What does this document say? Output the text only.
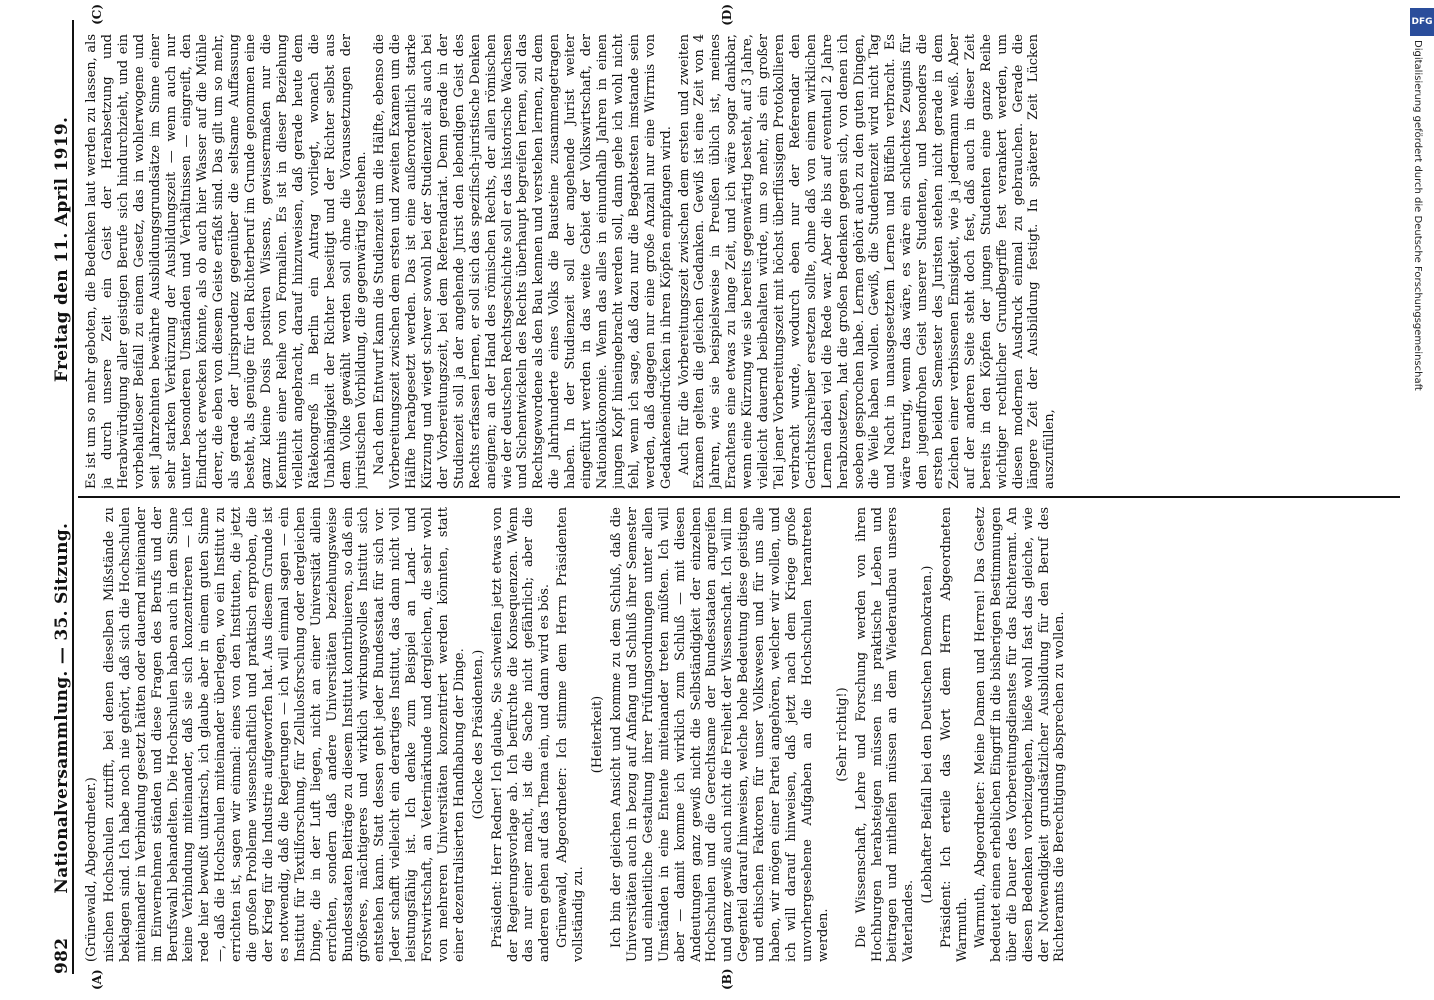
982
Nationalversammlung. — 35. Sitzung.
Freitag den 11. April 1919.
(A)	(B)
(C)	(D)

(Grünewald, Abgeordneter.) nischen Hochschulen zutrifft, bei denen dieselben Mißstände zu beklagen sind. Ich habe noch nie gehört, daß sich die Hochschulen miteinander in Verbindung gesetzt hätten oder dauernd miteinander im Einvernehmen ständen und diese Fragen des Berufs und der Berufswahl behandelten. Die Hochschulen haben auch in dem Sinne keine Verbindung miteinander, daß sie sich konzentrieren — ich rede hier bewußt unitarisch, ich glaube aber in einem guten Sinne —, daß die Hochschulen miteinander überlegen, wo ein Institut zu errichten ist, sagen wir einmal: eines von den Instituten, die jetzt die großen Probleme wissenschaftlich und praktisch erproben, die der Krieg für die Industrie aufgeworfen hat. Aus diesem Grunde ist es notwendig, daß die Regierungen — ich will einmal sagen — ein Institut für Textilforschung, für Zellulosforschung oder dergleichen Dinge, die in der Luft liegen, nicht an einer Universität allein errichten, sondern daß andere Universitäten beziehungsweise Bundesstaaten Beiträge zu diesem Institut kontribuieren, so daß ein größeres, mächtigeres und wirklich wirkungsvolles Institut sich entstehen kann. Statt dessen geht jeder Bundesstaat für sich vor. Jeder schafft vielleicht ein derartiges Institut, das dann nicht voll leistungsfähig ist. Ich denke zum Beispiel an Land- und Forstwirtschaft, an Veterinärkunde und dergleichen, die sehr wohl von mehreren Universitäten konzentriert werden könnten, statt einer dezentralisierten Handhabung der Dinge. (Glocke des Präsidenten.) Präsident: Herr Redner! Ich glaube, Sie schweifen jetzt etwas von der Regierungsvorlage ab. Ich befürchte die Konsequenzen. Wenn das nur einer macht, ist die Sache nicht gefährlich; aber die anderen gehen auf das Thema ein, und dann wird es bös. Grünewald, Abgeordneter: Ich stimme dem Herrn Präsidenten vollständig zu.

(Heiterkeit) Ich bin der gleichen Ansicht und komme zu dem Schluß, daß die Universitäten auch in bezug auf Anfang und Schluß ihrer Semester und einheitliche Gestaltung ihrer Prüfungsordnungen unter allen Umständen in eine Entente miteinander treten müßten. Ich will aber — damit komme ich wirklich zum Schluß — mit diesen Andeutungen ganz gewiß nicht die Selbständigkeit der einzelnen Hochschulen und die Gerechtsame der Bundesstaaten angreifen und ganz gewiß auch nicht die Freiheit der Wissenschaft. Ich will im Gegenteil darauf hinweisen, welche hohe Bedeutung diese geistigen und ethischen Faktoren für unser Volkswesen und für uns alle haben, wir mögen einer Partei angehören, welcher wir wollen, und ich will darauf hinweisen, daß jetzt nach dem Kriege große unvorhergesehene Aufgaben an die Hochschulen herantreten werden.

(Sehr richtig!) Die Wissenschaft, Lehre und Forschung werden von ihren Hochburgen herabsteigen müssen ins praktische Leben und beitragen und mithelfen müssen an dem Wiederaufbau unseres Vaterlandes.

(Lebhafter Beifall bei den Deutschen Demokraten.) Präsident: Ich erteile das Wort dem Herrn Abgeordneten Warmuth. Warmuth, Abgeordneter: Meine Damen und Herren! Das Gesetz bedeutet einen erheblichen Eingriff in die bisherigen Bestimmungen über die Dauer des Vorbereitungsdienstes für das Richteramt. An diesen Bedenken vorbeizugehen, hieße wohl fast das gleiche, wie der Notwendigkeit grundsätzlicher Ausbildung für den Beruf des Richteramts die Berechtigung absprechen zu wollen.

Es ist um so mehr geboten, die Bedenken laut werden zu lassen, als ja durch unsere Zeit ein Geist der Herabsetzung und Herabwürdigung aller geistigen Berufe sich hindurchzieht, und ein vorbehaltloser Beifall zu einem Gesetz, das in wohlerwogene und seit Jahrzehnten bewährte Ausbildungsgrundsätze im Sinne einer sehr starken Verkürzung der Ausbildungszeit — wenn auch nur unter besonderen Umständen und Verhältnissen — eingreift, den Eindruck erwecken könnte, als ob auch hier Wasser auf die Mühle derer, die eben von diesem Geiste erfaßt sind. Das gilt um so mehr, als gerade der Jurisprudenz gegenüber die seltsame Auffassung besteht, als genüge für den Richterberuf im Grunde genommen eine ganz kleine Dosis positiven Wissens, gewissermaßen nur die Kenntnis einer Reihe von Formalien. Es ist in dieser Beziehung vielleicht angebracht, darauf hinzuweisen, daß gerade heute dem Rätekongreß in Berlin ein Antrag vorliegt, wonach die Unabhängigkeit der Richter beseitigt und der Richter selbst aus dem Volke gewählt werden soll ohne die Voraussetzungen der juristischen Vorbildung, die gegenwärtig bestehen. Nach dem Entwurf kann die Studienzeit um die Hälfte, ebenso die Vorbereitungszeit zwischen dem ersten und zweiten Examen um die Hälfte herabgesetzt werden. Das ist eine außerordentlich starke Kürzung und wiegt schwer sowohl bei der Studienzeit als auch bei der Vorbereitungszeit, bei dem Referendariat. Denn gerade in der Studienzeit soll ja der angehende Jurist den lebendigen Geist des Rechts erfassen lernen, er soll sich das spezifisch-juristische Denken aneignen; an der Hand des römischen Rechts, der allen römischen wie der deutschen Rechtsgeschichte soll er das historische Wachsen und Sichentwickeln des Rechts überhaupt begreifen lernen, soll das Rechtsgewordene als den Bau kennen und verstehen lernen, zu dem die Jahrhunderte eines Volks die Bausteine zusammengetragen haben. In der Studienzeit soll der angehende Jurist weiter eingeführt werden in das weite Gebiet der Volkswirtschaft, der Nationalökonomie. Wenn das alles in einundhalb Jahren in einen jungen Kopf hineingebracht werden soll, dann gehe ich wohl nicht fehl, wenn ich sage, daß dazu nur die Begabtesten imstande sein werden, daß dagegen nur eine große Anzahl nur eine Wirrnis von Gedankeneindrücken in ihren Köpfen empfangen wird. Auch für die Vorbereitungszeit zwischen dem ersten und zweiten Examen gelten die gleichen Gedanken. Gewiß ist eine Zeit von 4 Jahren, wie sie beispielsweise in Preußen üblich ist, meines Erachtens eine etwas zu lange Zeit, und ich wäre sogar dankbar, wenn eine Kürzung wie sie bereits gegenwärtig besteht, auf 3 Jahre, vielleicht dauernd beibehalten würde, um so mehr, als ein großer Teil jener Vorbereitungszeit mit höchst überflüssigem Protokollieren verbracht wurde, wodurch eben nur der Referendar den Gerichtsschreiber ersetzen sollte, ohne daß von einem wirklichen Lernen dabei viel die Rede war. Aber die bis auf eventuell 2 Jahre herabzusetzen, hat die großen Bedenken gegen sich, von denen ich soeben gesprochen habe. Lernen gehört auch zu den guten Dingen, die Weile haben wollen. Gewiß, die Studentenzeit wird nicht Tag und Nacht in unausgesetztem Lernen und Büffeln verbracht. Es wäre traurig, wenn das wäre, es wäre ein schlechtes Zeugnis für den jugendfrohen Geist unserer Studenten, und besonders die ersten beiden Semester des Juristen stehen nicht gerade in dem Zeichen einer verbissenen Emsigkeit, wie ja jedermann weiß. Aber auf der anderen Seite steht doch fest, daß auch in dieser Zeit bereits in den Köpfen der jungen Studenten eine ganze Reihe wichtiger rechtlicher Grundbegriffe fest verankert werden, um diesen modernen Ausdruck einmal zu gebrauchen. Gerade die längere Zeit der Ausbildung festigt. In späterer Zeit Lücken auszufüllen,

Digitalisierung gefördert durch die Deutsche Forschungsgemeinschaft
DFG
